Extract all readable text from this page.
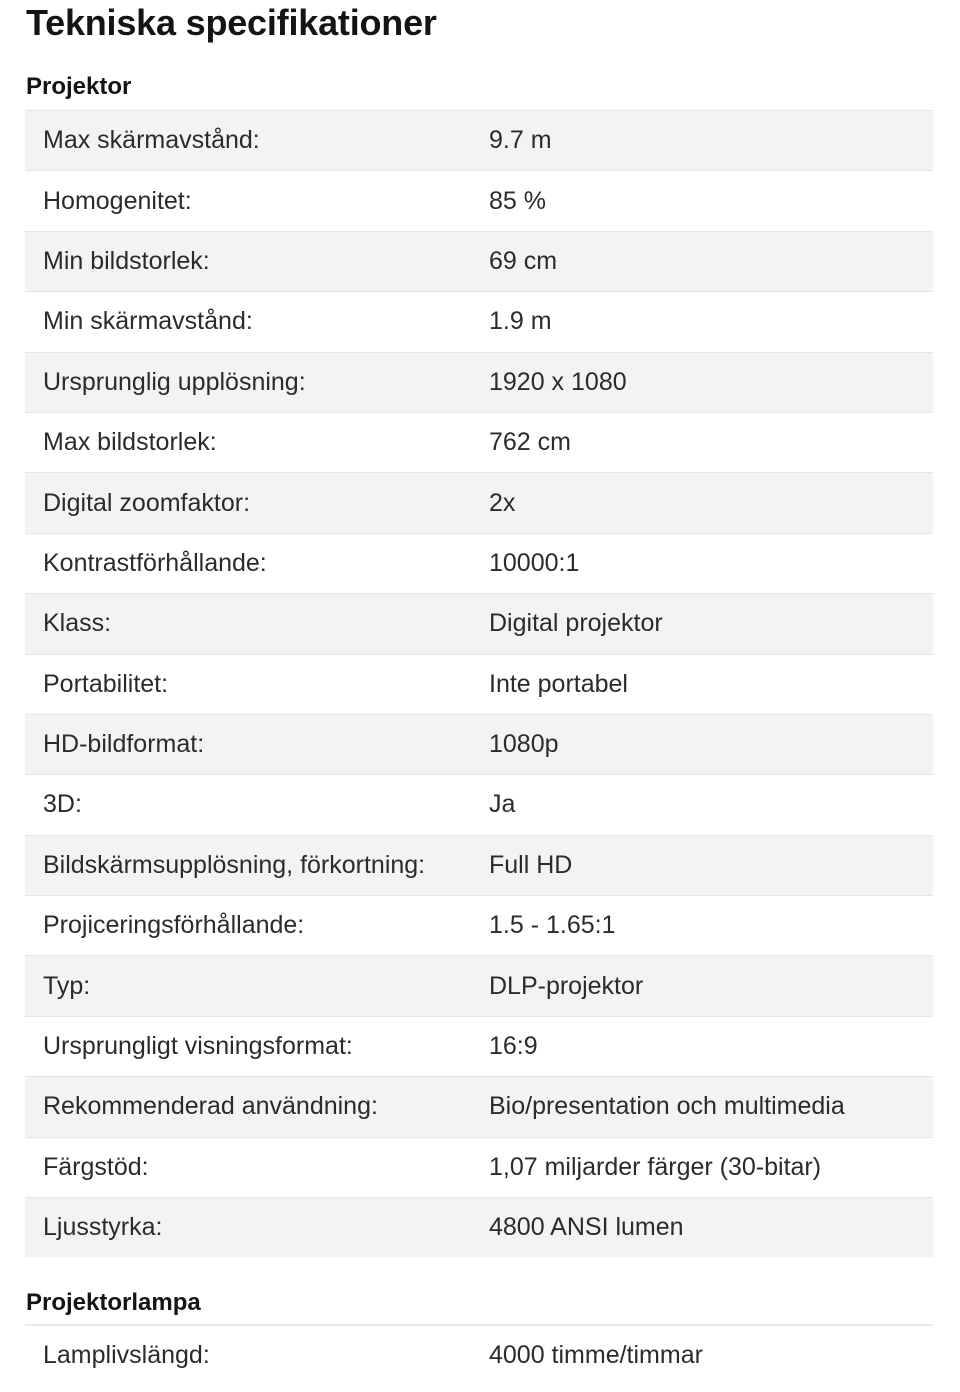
Tekniska specifikationer
Projektor
Max skärmavstånd:	9.7 m
Homogenitet:	85 %
Min bildstorlek:	69 cm
Min skärmavstånd:	1.9 m
Ursprunglig upplösning:	1920 x 1080
Max bildstorlek:	762 cm
Digital zoomfaktor:	2x
Kontrastförhållande:	10000:1
Klass:	Digital projektor
Portabilitet:	Inte portabel
HD-bildformat:	1080p
3D:	Ja
Bildskärmsupplösning, förkortning:	Full HD
Projiceringsförhållande:	1.5 - 1.65:1
Typ:	DLP-projektor
Ursprungligt visningsformat:	16:9
Rekommenderad användning:	Bio/presentation och multimedia
Färgstöd:	1,07 miljarder färger (30-bitar)
Ljusstyrka:	4800 ANSI lumen
Projektorlampa
Lamplivslängd:	4000 timme/timmar
